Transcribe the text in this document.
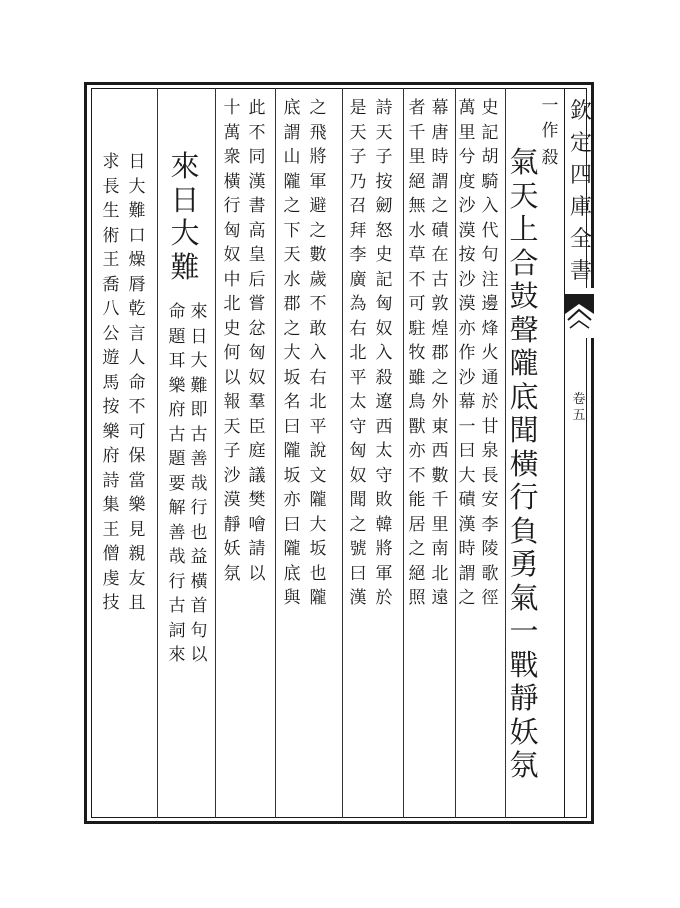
欽
定
四
庫
全
書
卷
五
一
作
殺
氣
天
上
合
鼓
聲
隴
底
聞
橫
行
負
勇
氣
一
戰
靜
妖
氛
史
記
胡
騎
入
代
句
注
邊
烽
火
通
於
甘
泉
長
安
李
陵
歌
徑
萬
里
兮
度
沙
漠
按
沙
漠
亦
作
沙
幕
一
曰
大
磧
漢
時
謂
之
幕
唐
時
謂
之
磧
在
古
敦
煌
郡
之
外
東
西
數
千
里
南
北
遠
者
千
里
絕
無
水
草
不
可
駐
牧
雖
鳥
獸
亦
不
能
居
之
絕
照
詩
天
子
按
劒
怒
史
記
匈
奴
入
殺
遼
西
太
守
敗
韓
將
軍
於
是
天
子
乃
召
拜
李
廣
為
右
北
平
太
守
匈
奴
聞
之
號
曰
漢
之
飛
將
軍
避
之
數
歲
不
敢
入
右
北
平
說
文
隴
大
坂
也
隴
底
謂
山
隴
之
下
天
水
郡
之
大
坂
名
曰
隴
坂
亦
曰
隴
底
與
此
不
同
漢
書
高
皇
后
嘗
忿
匈
奴
羣
臣
庭
議
樊
噲
請
以
十
萬
衆
橫
行
匈
奴
中
北
史
何
以
報
天
子
沙
漠
靜
妖
氛
來
日
大
難
來
日
大
難
即
古
善
哉
行
也
益
橫
首
句
以
命
題
耳
樂
府
古
題
要
解
善
哉
行
古
詞
來
日
大
難
口
燥
脣
乾
言
人
命
不
可
保
當
樂
見
親
友
且
求
長
生
術
王
喬
八
公
遊
馬
按
樂
府
詩
集
王
僧
虔
技
